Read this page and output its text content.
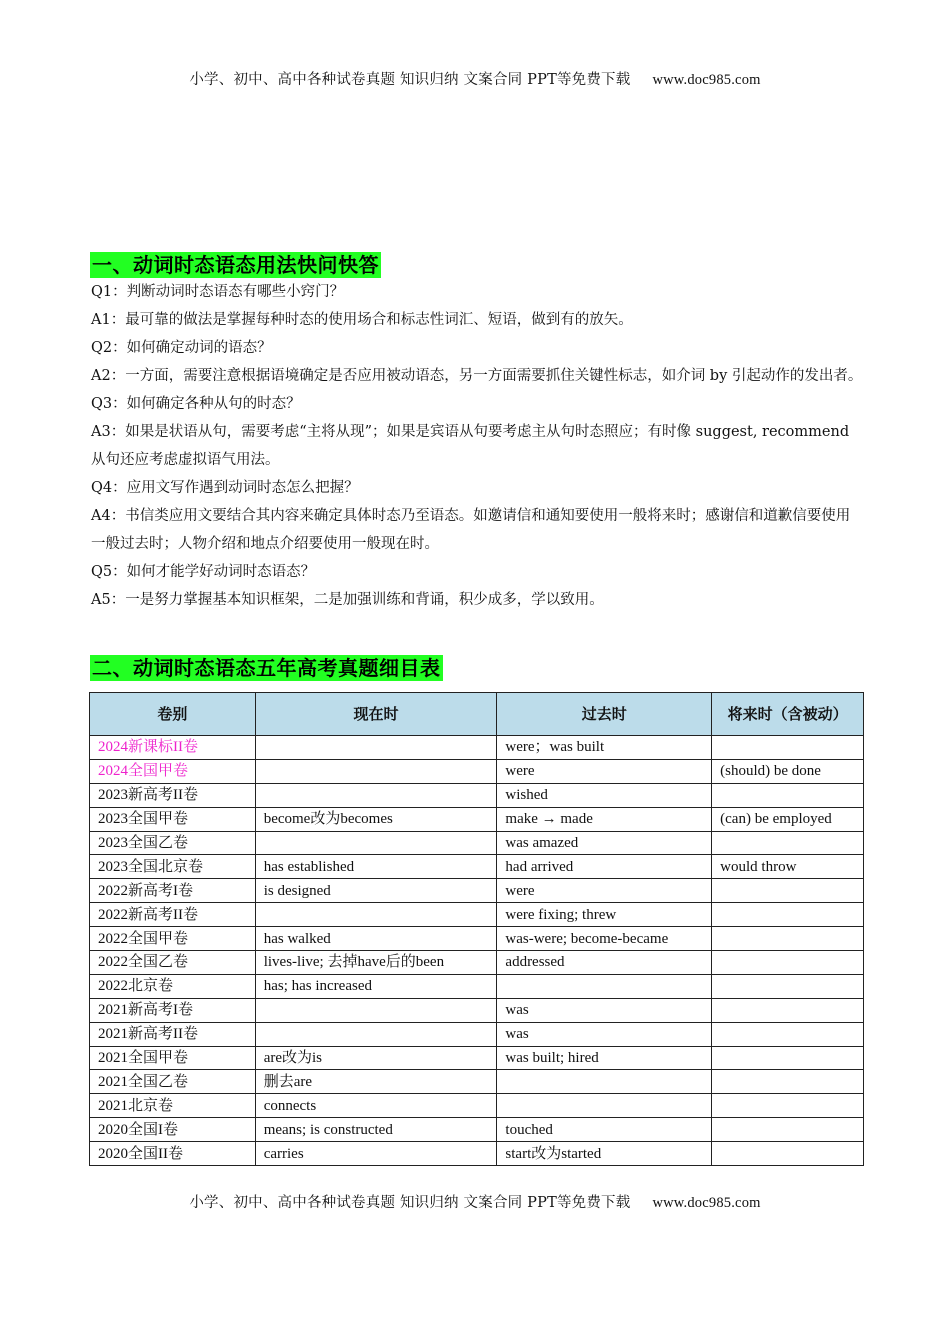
小学、初中、高中各种试卷真题 知识归纳 文案合同 PPT等免费下载 www.doc985.com
一、动词时态语态用法快问快答

Q1：判断动词时态语态有哪些小窍门？

A1：最可靠的做法是掌握每种时态的使用场合和标志性词汇、短语，做到有的放矢。

Q2：如何确定动词的语态？

A2：一方面，需要注意根据语境确定是否应用被动语态，另一方面需要抓住关键性标志，如介词 by 引起动作的发出者。

Q3：如何确定各种从句的时态？

A3：如果是状语从句，需要考虑“主将从现”；如果是宾语从句要考虑主从句时态照应；有时像 suggest, recommend 从句还应考虑虚拟语气用法。

Q4：应用文写作遇到动词时态怎么把握？

A4：书信类应用文要结合其内容来确定具体时态乃至语态。如邀请信和通知要使用一般将来时；感谢信和道歉信要使用一般过去时；人物介绍和地点介绍要使用一般现在时。

Q5：如何才能学好动词时态语态？

A5：一是努力掌握基本知识框架，二是加强训练和背诵，积少成多，学以致用。

二、动词时态语态五年高考真题细目表
卷别	现在时	过去时	将来时（含被动）
2024新课标II卷		were；was built	
2024全国甲卷		were	(should) be done
2023新高考II卷		wished	
2023全国甲卷	become改为becomes	make → made	(can) be employed
2023全国乙卷		was amazed	
2023全国北京卷	has established	had arrived	would throw
2022新高考I卷	is designed	were	
2022新高考II卷		were fixing; threw	
2022全国甲卷	has walked	was-were; become-became	
2022全国乙卷	lives-live; 去掉have后的been	addressed	
2022北京卷	has; has increased		
2021新高考I卷		was	
2021新高考II卷		was	
2021全国甲卷	are改为is	was built; hired	
2021全国乙卷	删去are		
2021北京卷	connects		
2020全国I卷	means; is constructed	touched	
2020全国II卷	carries	start改为started	
小学、初中、高中各种试卷真题 知识归纳 文案合同 PPT等免费下载 www.doc985.com
